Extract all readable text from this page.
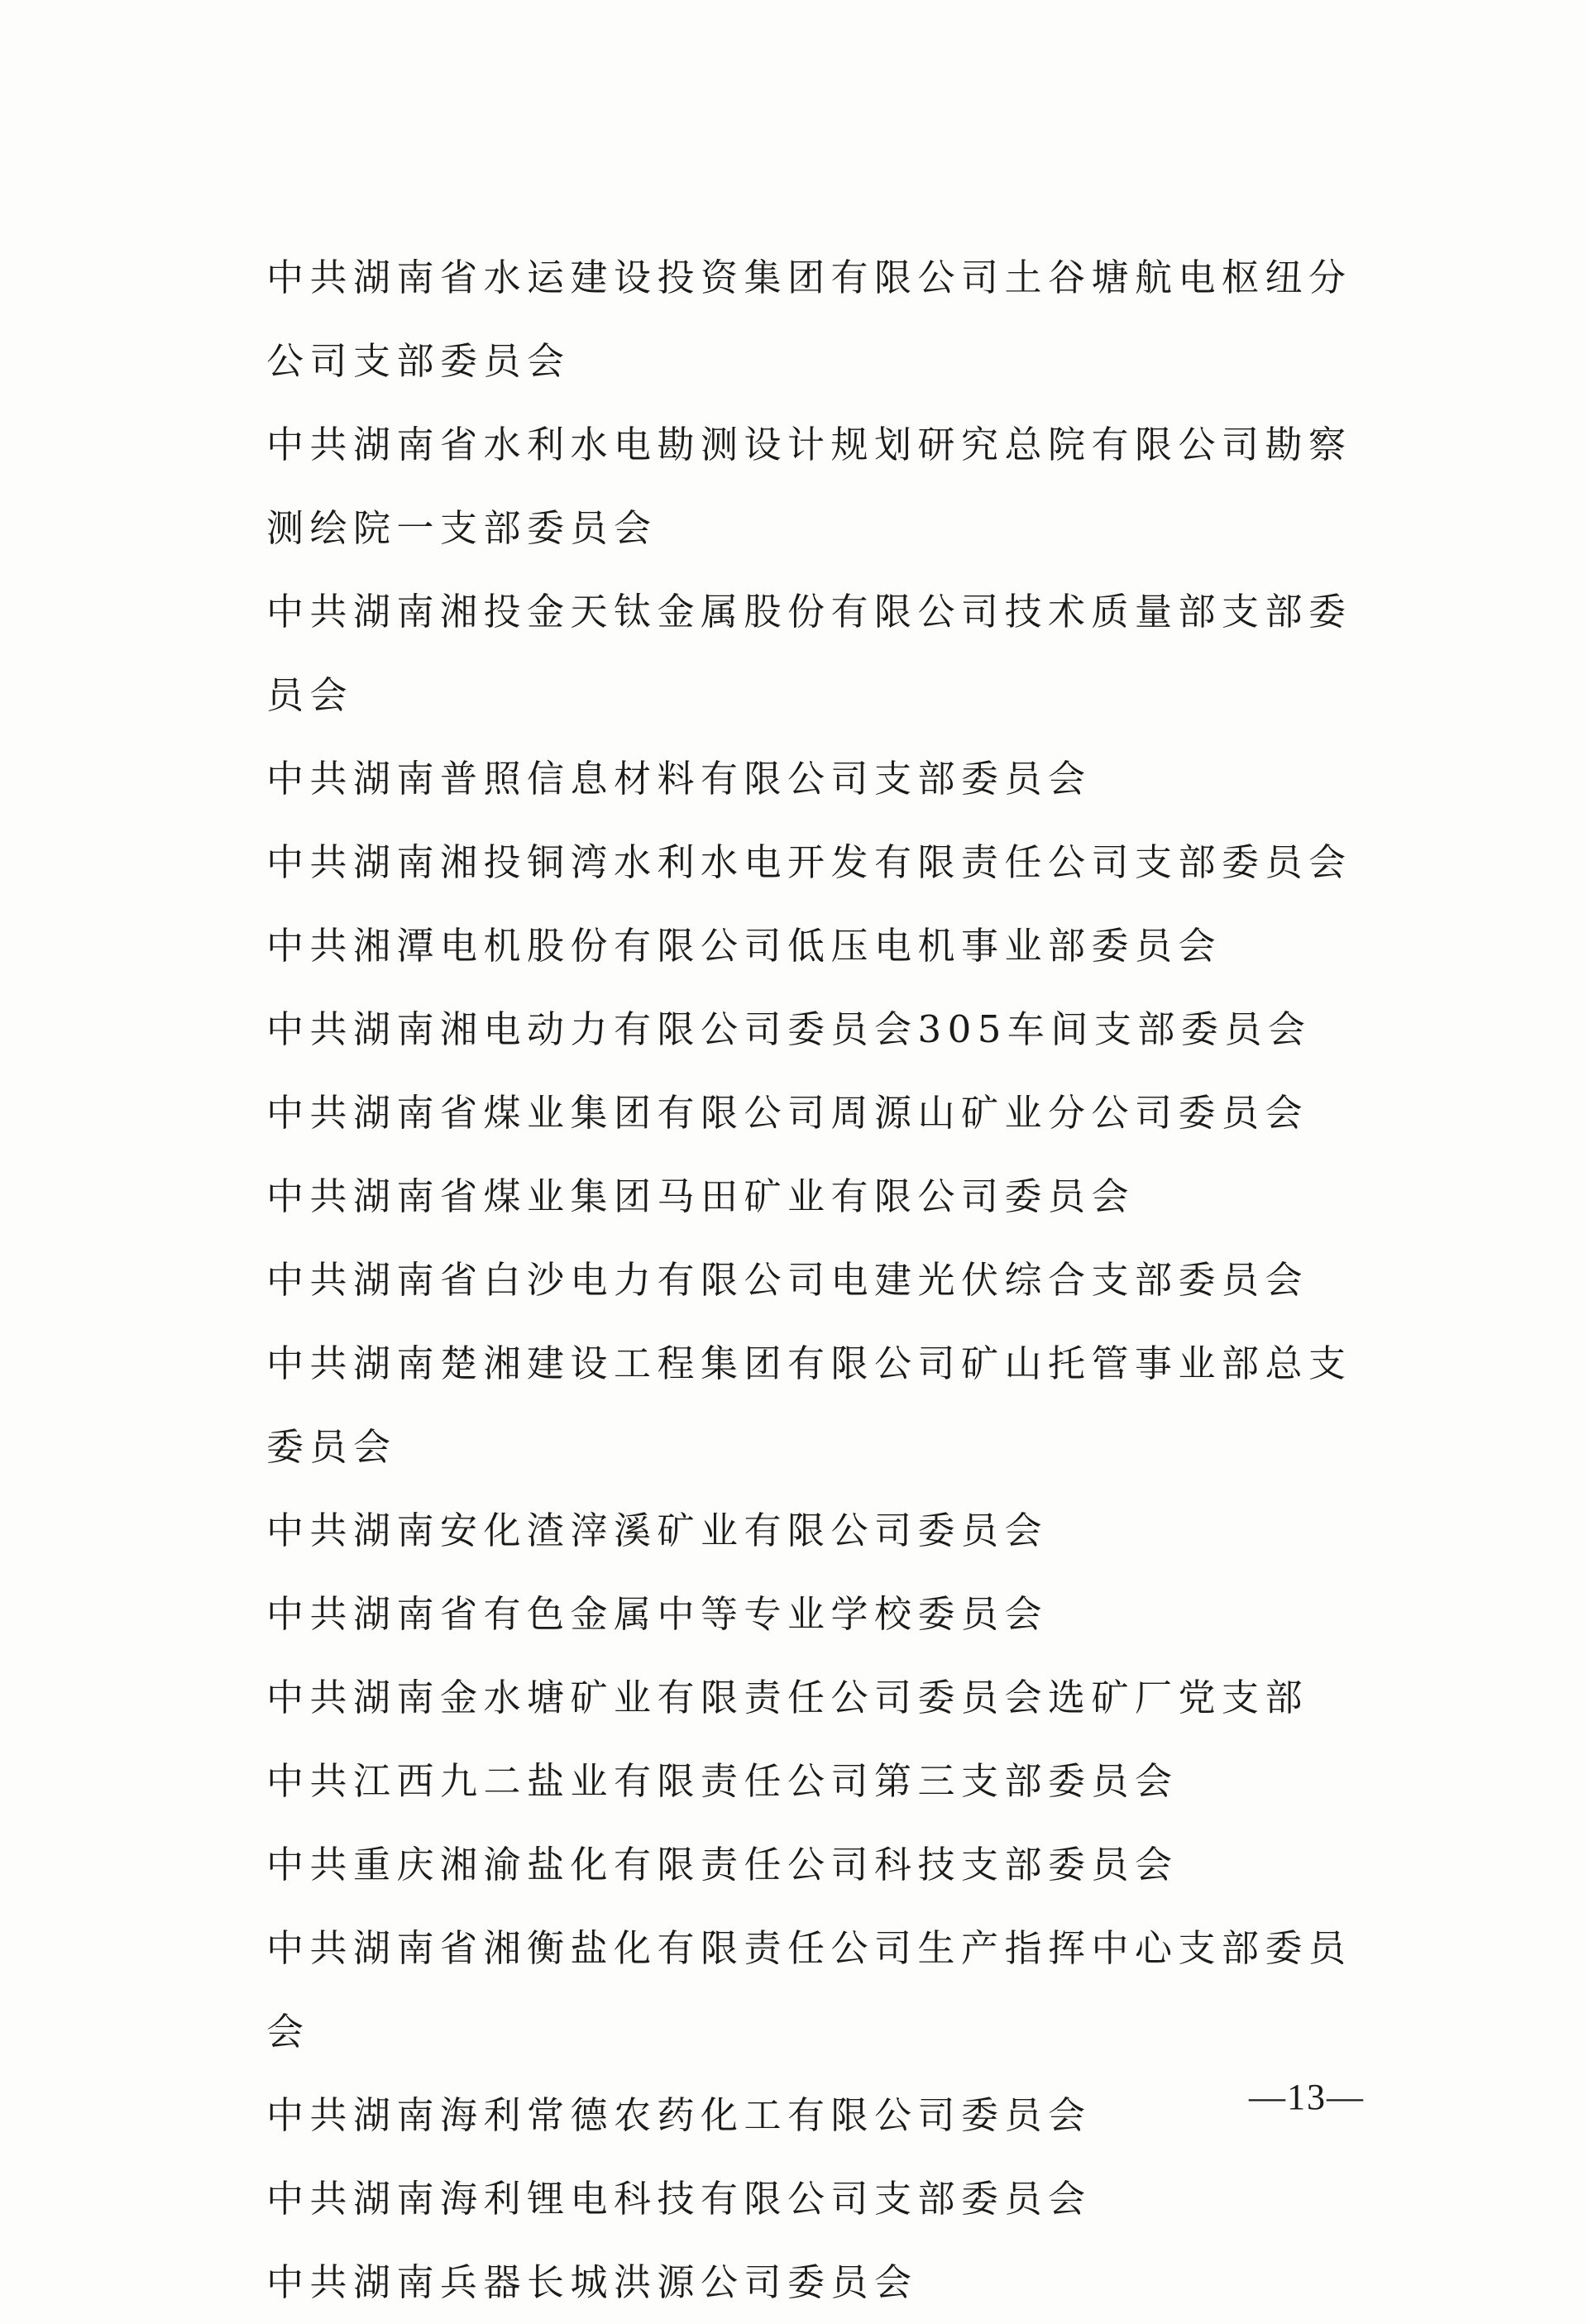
中共湖南省水运建设投资集团有限公司土谷塘航电枢纽分公司支部委员会
中共湖南省水利水电勘测设计规划研究总院有限公司勘察测绘院一支部委员会
中共湖南湘投金天钛金属股份有限公司技术质量部支部委员会
中共湖南普照信息材料有限公司支部委员会
中共湖南湘投铜湾水利水电开发有限责任公司支部委员会
中共湘潭电机股份有限公司低压电机事业部委员会
中共湖南湘电动力有限公司委员会305车间支部委员会
中共湖南省煤业集团有限公司周源山矿业分公司委员会
中共湖南省煤业集团马田矿业有限公司委员会
中共湖南省白沙电力有限公司电建光伏综合支部委员会
中共湖南楚湘建设工程集团有限公司矿山托管事业部总支委员会
中共湖南安化渣滓溪矿业有限公司委员会
中共湖南省有色金属中等专业学校委员会
中共湖南金水塘矿业有限责任公司委员会选矿厂党支部
中共江西九二盐业有限责任公司第三支部委员会
中共重庆湘渝盐化有限责任公司科技支部委员会
中共湖南省湘衡盐化有限责任公司生产指挥中心支部委员会
中共湖南海利常德农药化工有限公司委员会
中共湖南海利锂电科技有限公司支部委员会
中共湖南兵器长城洪源公司委员会
—13—
